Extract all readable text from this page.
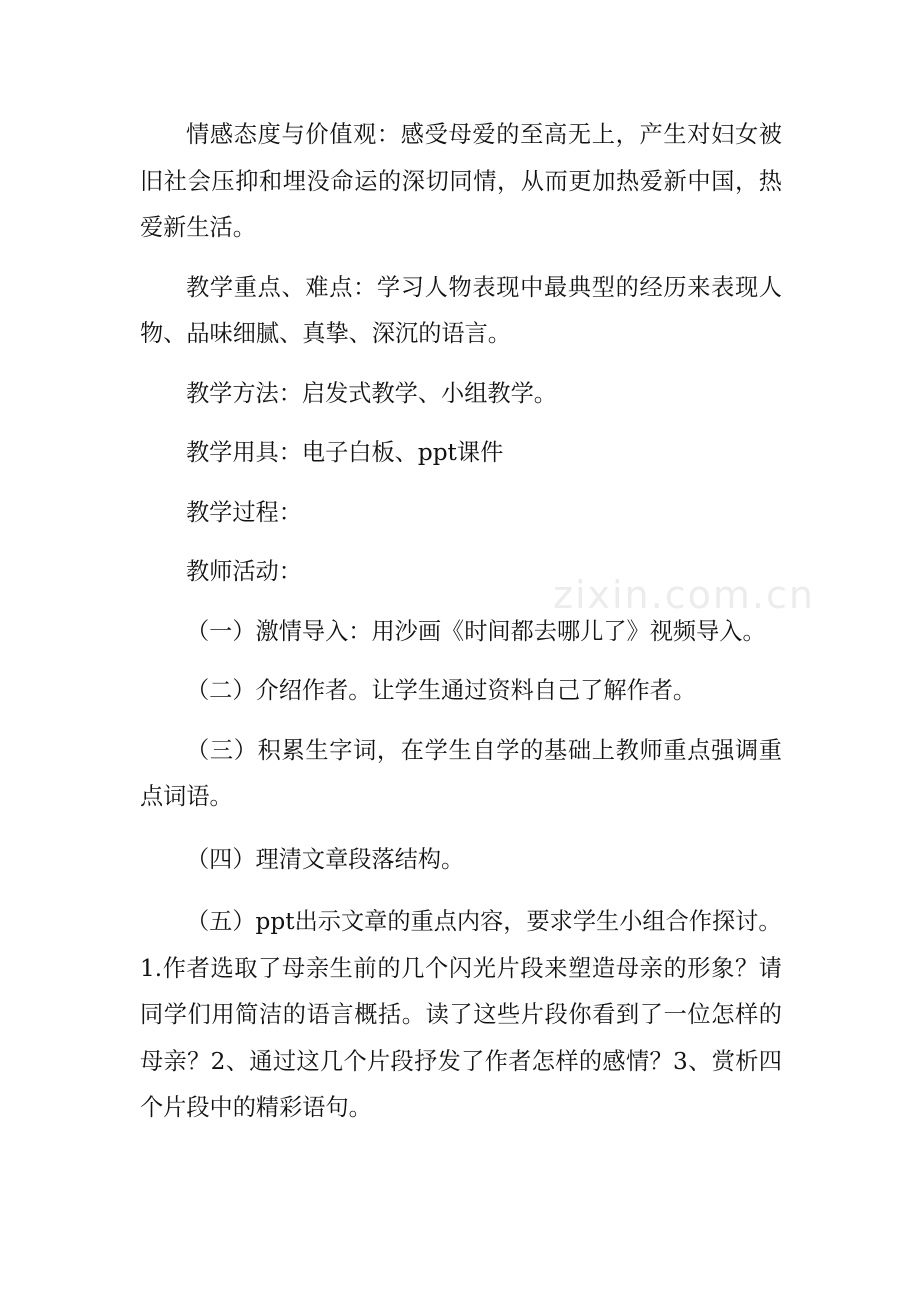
情感态度与价值观：感受母爱的至高无上，产生对妇女被旧社会压抑和埋没命运的深切同情，从而更加热爱新中国，热爱新生活。

教学重点、难点：学习人物表现中最典型的经历来表现人物、品味细腻、真挚、深沉的语言。

教学方法：启发式教学、小组教学。

教学用具：电子白板、ppt课件

教学过程：

教师活动：

（一）激情导入：用沙画《时间都去哪儿了》视频导入。

（二）介绍作者。让学生通过资料自己了解作者。

（三）积累生字词，在学生自学的基础上教师重点强调重点词语。

（四）理清文章段落结构。

（五）ppt出示文章的重点内容，要求学生小组合作探讨。

1.作者选取了母亲生前的几个闪光片段来塑造母亲的形象？请同学们用简洁的语言概括。读了这些片段你看到了一位怎样的母亲？2、通过这几个片段抒发了作者怎样的感情？3、赏析四个片段中的精彩语句。

zixin.com.cn
